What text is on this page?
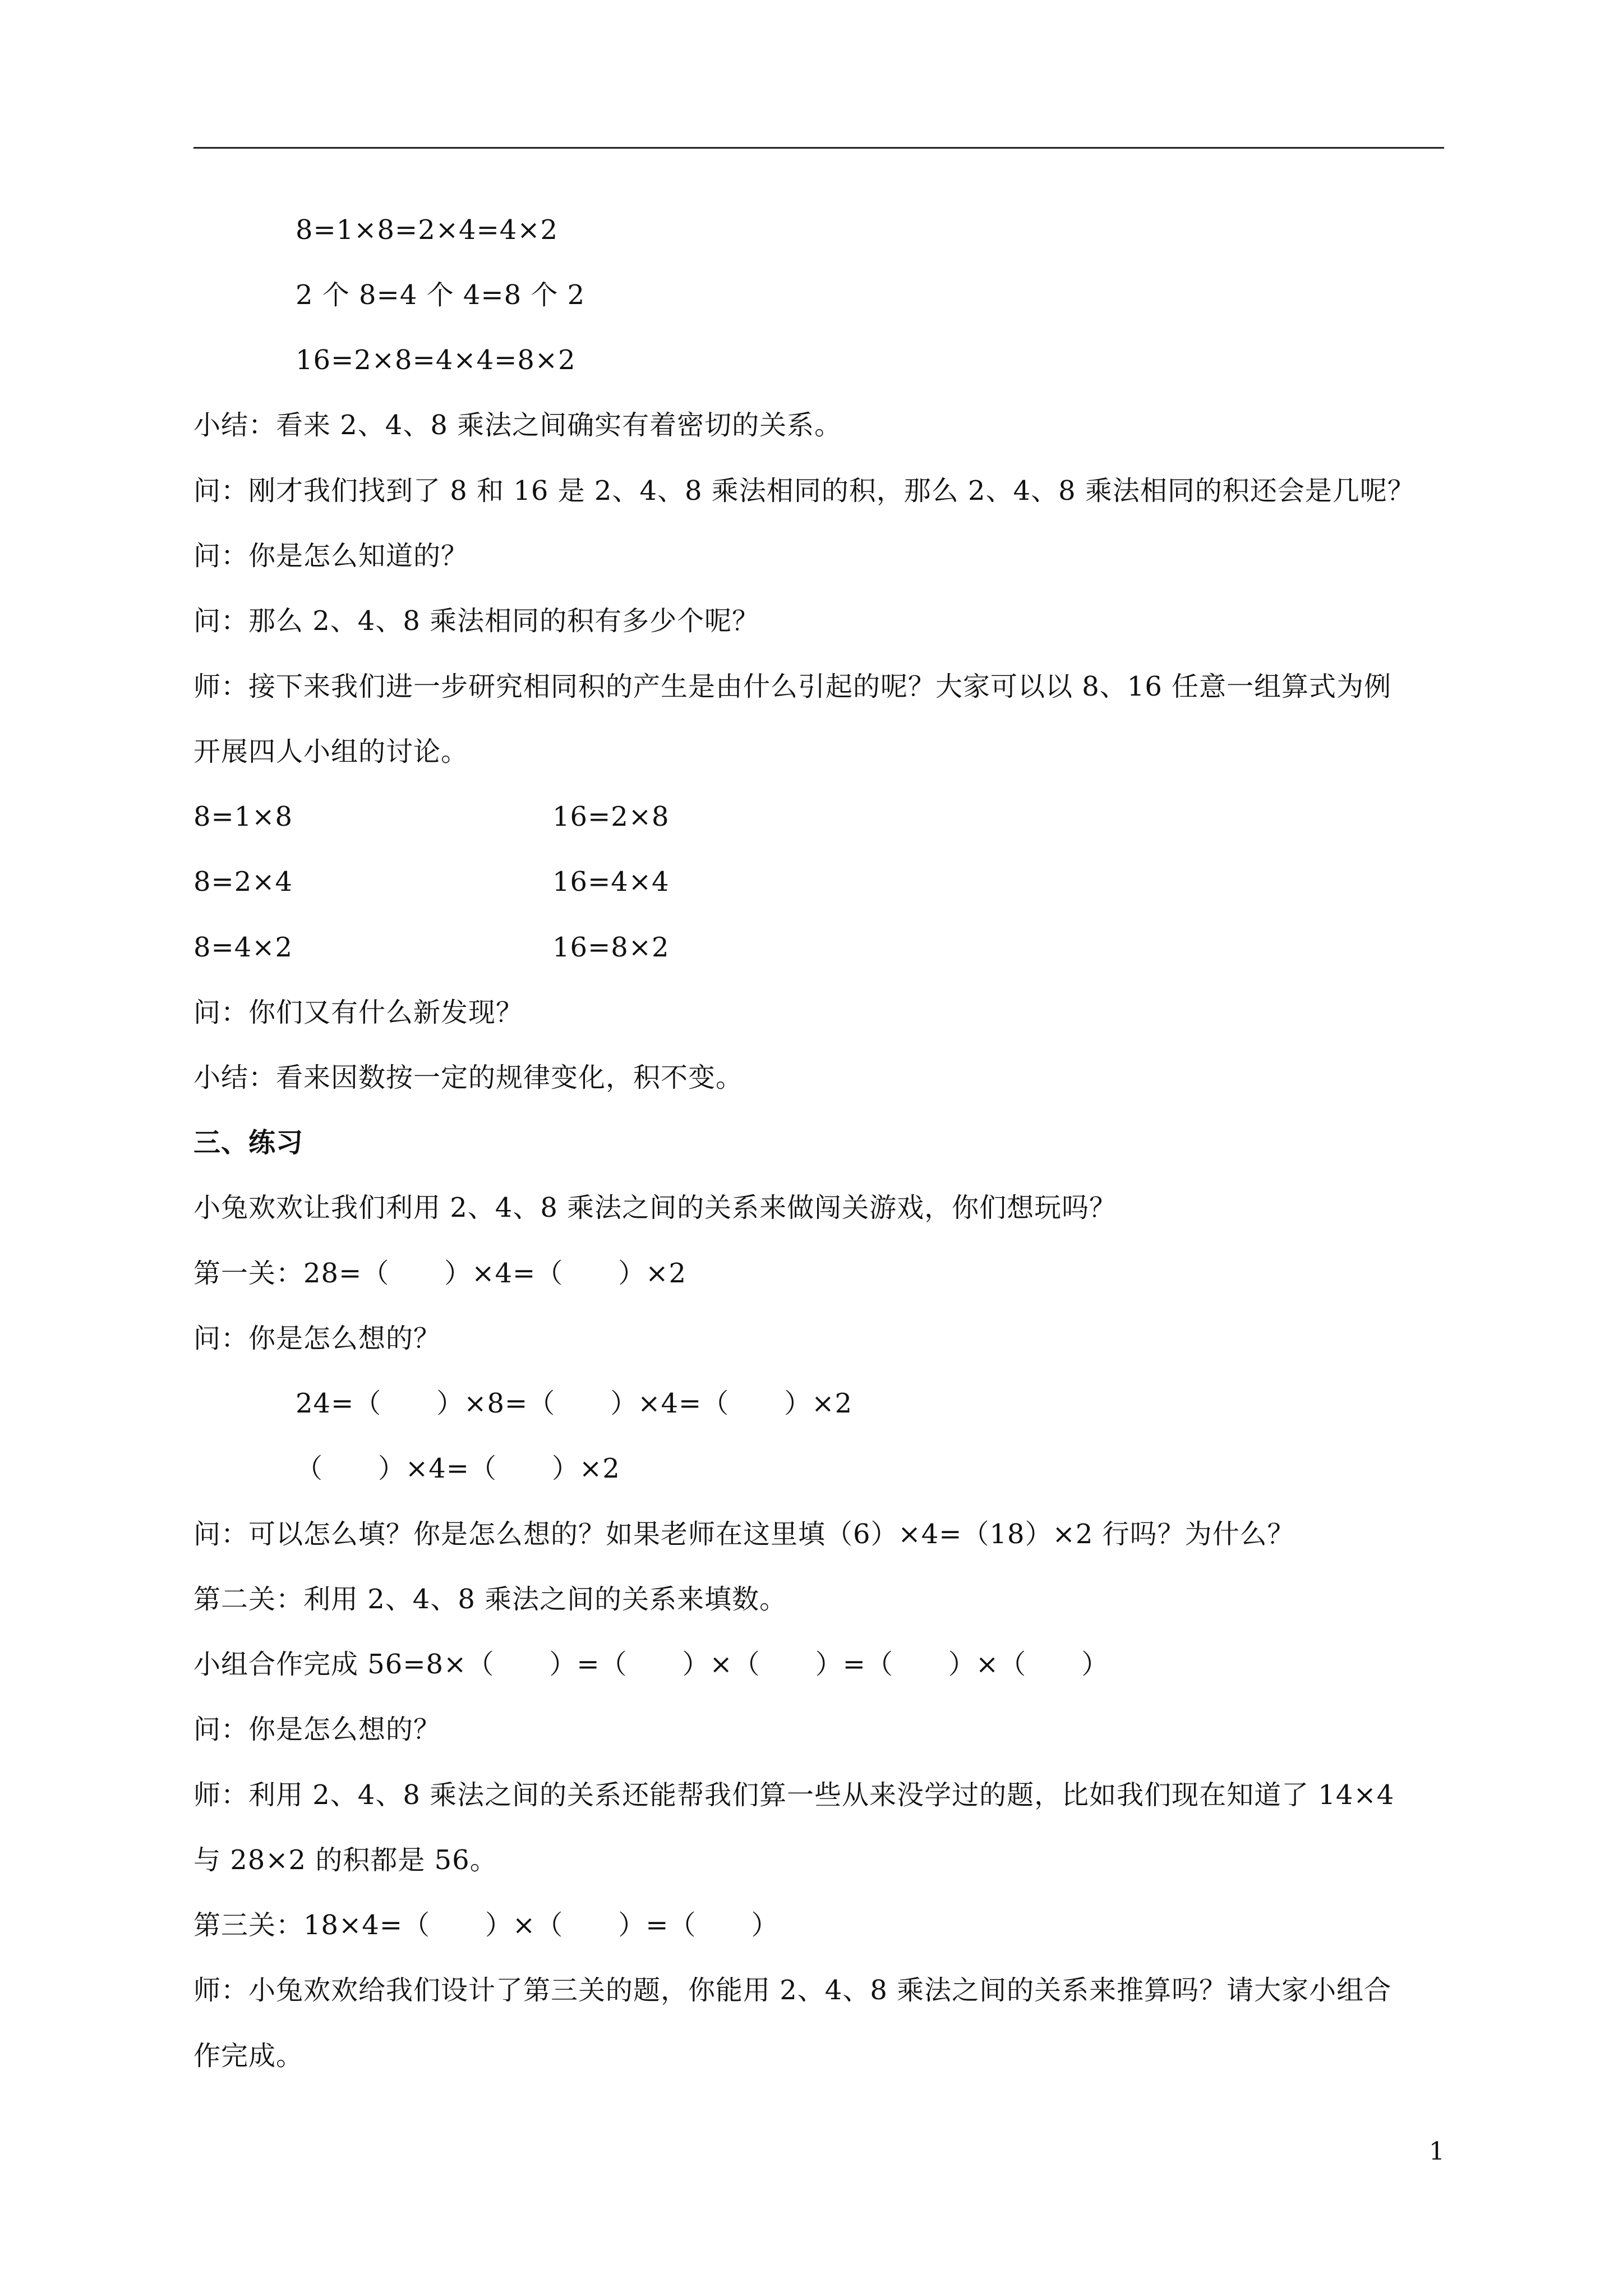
8=1×8=2×4=4×2
2 个 8=4 个 4=8 个 2
16=2×8=4×4=8×2
小结：看来 2、4、8 乘法之间确实有着密切的关系。
问：刚才我们找到了 8 和 16 是 2、4、8 乘法相同的积，那么 2、4、8 乘法相同的积还会是几呢？
问：你是怎么知道的？
问：那么 2、4、8 乘法相同的积有多少个呢？
师：接下来我们进一步研究相同积的产生是由什么引起的呢？大家可以以 8、16 任意一组算式为例
开展四人小组的讨论。
8=1×8	16=2×8
8=2×4	16=4×4
8=4×2	16=8×2
问：你们又有什么新发现？
小结：看来因数按一定的规律变化，积不变。
三、练习
小兔欢欢让我们利用 2、4、8 乘法之间的关系来做闯关游戏，你们想玩吗？
第一关：28=（　　）×4=（　　）×2
问：你是怎么想的？
24=（　　）×8=（　　）×4=（　　）×2
（　　）×4=（　　）×2
问：可以怎么填？你是怎么想的？如果老师在这里填（6）×4=（18）×2 行吗？为什么？
第二关：利用 2、4、8 乘法之间的关系来填数。
小组合作完成 56=8×（　　）=（　　）×（　　）=（　　）×（　　）
问：你是怎么想的？
师：利用 2、4、8 乘法之间的关系还能帮我们算一些从来没学过的题，比如我们现在知道了 14×4
与 28×2 的积都是 56。
第三关：18×4=（　　）×（　　）=（　　）
师：小兔欢欢给我们设计了第三关的题，你能用 2、4、8 乘法之间的关系来推算吗？请大家小组合
作完成。
1
